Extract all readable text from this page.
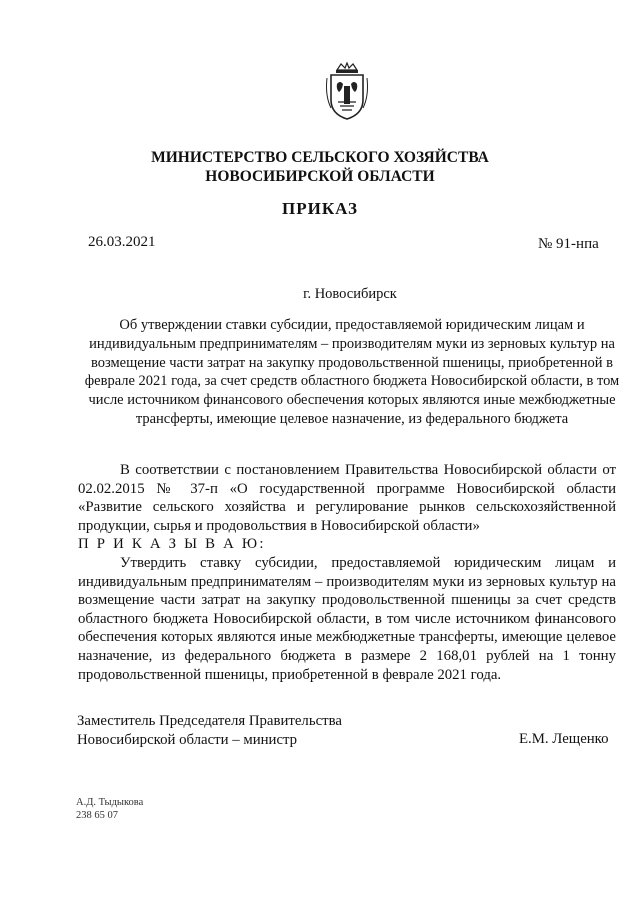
МИНИСТЕРСТВО СЕЛЬСКОГО ХОЗЯЙСТВА
НОВОСИБИРСКОЙ ОБЛАСТИ
ПРИКАЗ
26.03.2021	№ 91-нпа
г. Новосибирск
Об утверждении ставки субсидии, предоставляемой юридическим лицам и индивидуальным предпринимателям – производителям муки из зерновых культур на возмещение части затрат на закупку продовольственной пшеницы, приобретенной в феврале 2021 года, за счет средств областного бюджета Новосибирской области, в том числе источником финансового обеспечения которых являются иные межбюджетные трансферты, имеющие целевое назначение, из федерального бюджета
В соответствии с постановлением Правительства Новосибирской области от 02.02.2015 № 37-п «О государственной программе Новосибирской области «Развитие сельского хозяйства и регулирование рынков сельскохозяйственной продукции, сырья и продовольствия в Новосибирской области»
П Р И К А З Ы В А Ю:
Утвердить ставку субсидии, предоставляемой юридическим лицам и индивидуальным предпринимателям – производителям муки из зерновых культур на возмещение части затрат на закупку продовольственной пшеницы за счет средств областного бюджета Новосибирской области, в том числе источником финансового обеспечения которых являются иные межбюджетные трансферты, имеющие целевое назначение, из федерального бюджета в размере 2 168,01 рублей на 1 тонну продовольственной пшеницы, приобретенной в феврале 2021 года.
Заместитель Председателя Правительства
Новосибирской области – министр	Е.М. Лещенко
А.Д. Тыдыкова
238 65 07
